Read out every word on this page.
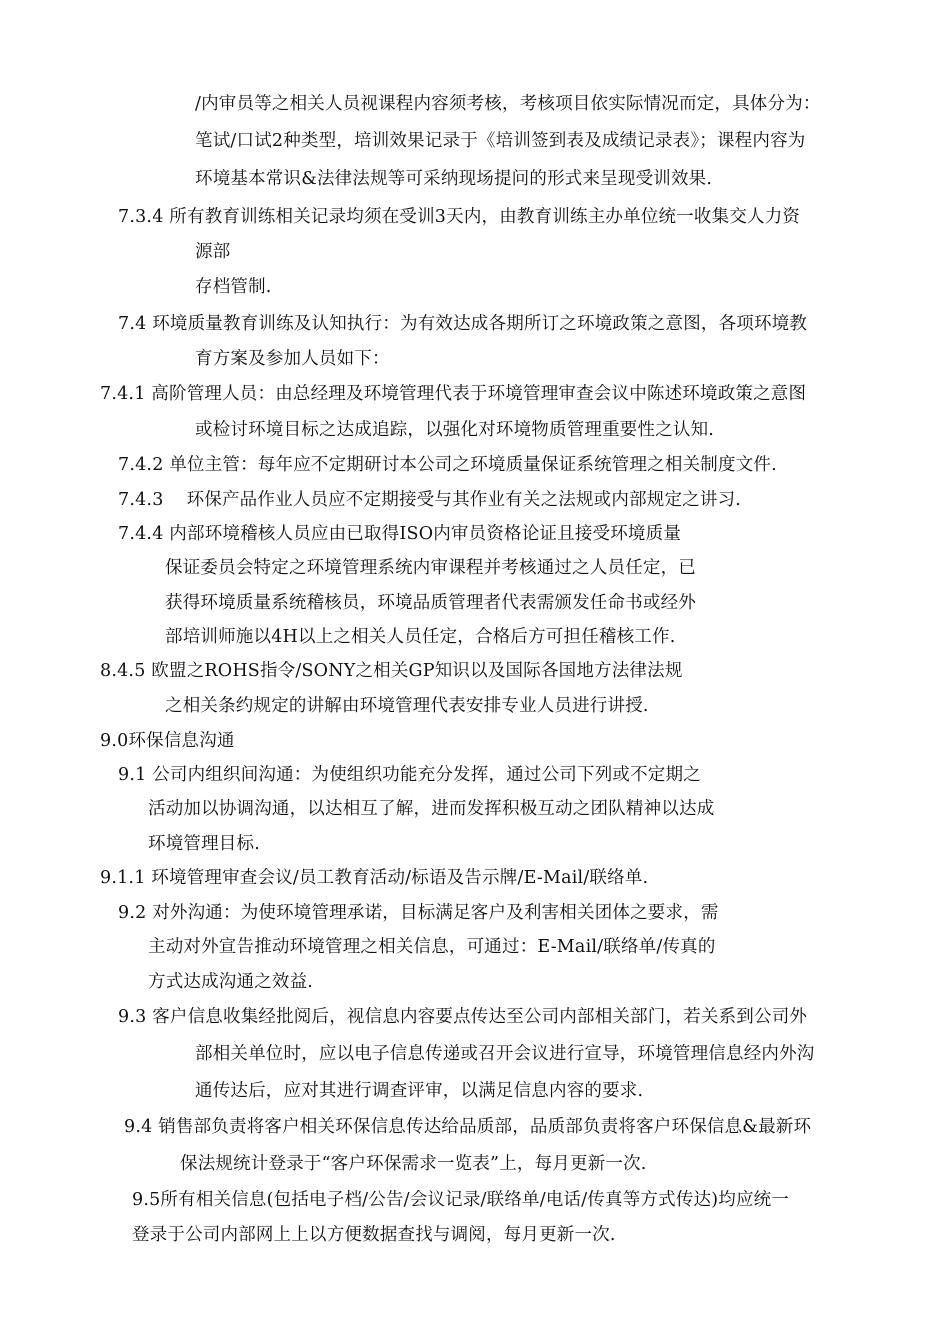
/内审员等之相关人员视课程内容须考核，考核项目依实际情况而定，具体分为：
笔试/口试2种类型，培训效果记录于《培训签到表及成绩记录表》；课程内容为
环境基本常识&法律法规等可采纳现场提问的形式来呈现受训效果.
7.3.4 所有教育训练相关记录均须在受训3天内，由教育训练主办单位统一收集交人力资
源部
存档管制.
7.4 环境质量教育训练及认知执行：为有效达成各期所订之环境政策之意图，各项环境教
育方案及参加人员如下：
7.4.1 高阶管理人员：由总经理及环境管理代表于环境管理审查会议中陈述环境政策之意图
或检讨环境目标之达成追踪，以强化对环境物质管理重要性之认知.
7.4.2 单位主管：每年应不定期研讨本公司之环境质量保证系统管理之相关制度文件.
7.4.3    环保产品作业人员应不定期接受与其作业有关之法规或内部规定之讲习.
7.4.4 内部环境稽核人员应由已取得ISO内审员资格论证且接受环境质量
保证委员会特定之环境管理系统内审课程并考核通过之人员任定，已
获得环境质量系统稽核员，环境品质管理者代表需颁发任命书或经外
部培训师施以4H以上之相关人员任定，合格后方可担任稽核工作.
8.4.5 欧盟之ROHS指令/SONY之相关GP知识以及国际各国地方法律法规
之相关条约规定的讲解由环境管理代表安排专业人员进行讲授.
9.0环保信息沟通
9.1 公司内组织间沟通：为使组织功能充分发挥，通过公司下列或不定期之
活动加以协调沟通，以达相互了解，进而发挥积极互动之团队精神以达成
环境管理目标.
9.1.1 环境管理审查会议/员工教育活动/标语及告示牌/E-Mail/联络单.
9.2 对外沟通：为使环境管理承诺，目标满足客户及利害相关团体之要求，需
主动对外宣告推动环境管理之相关信息，可通过：E-Mail/联络单/传真的
方式达成沟通之效益.
9.3 客户信息收集经批阅后，视信息内容要点传达至公司内部相关部门，若关系到公司外
部相关单位时，应以电子信息传递或召开会议进行宣导，环境管理信息经内外沟
通传达后，应对其进行调查评审，以满足信息内容的要求.
9.4 销售部负责将客户相关环保信息传达给品质部，品质部负责将客户环保信息&最新环
保法规统计登录于“客户环保需求一览表”上，每月更新一次.
9.5所有相关信息(包括电子档/公告/会议记录/联络单/电话/传真等方式传达)均应统一
登录于公司内部网上上以方便数据查找与调阅，每月更新一次.
